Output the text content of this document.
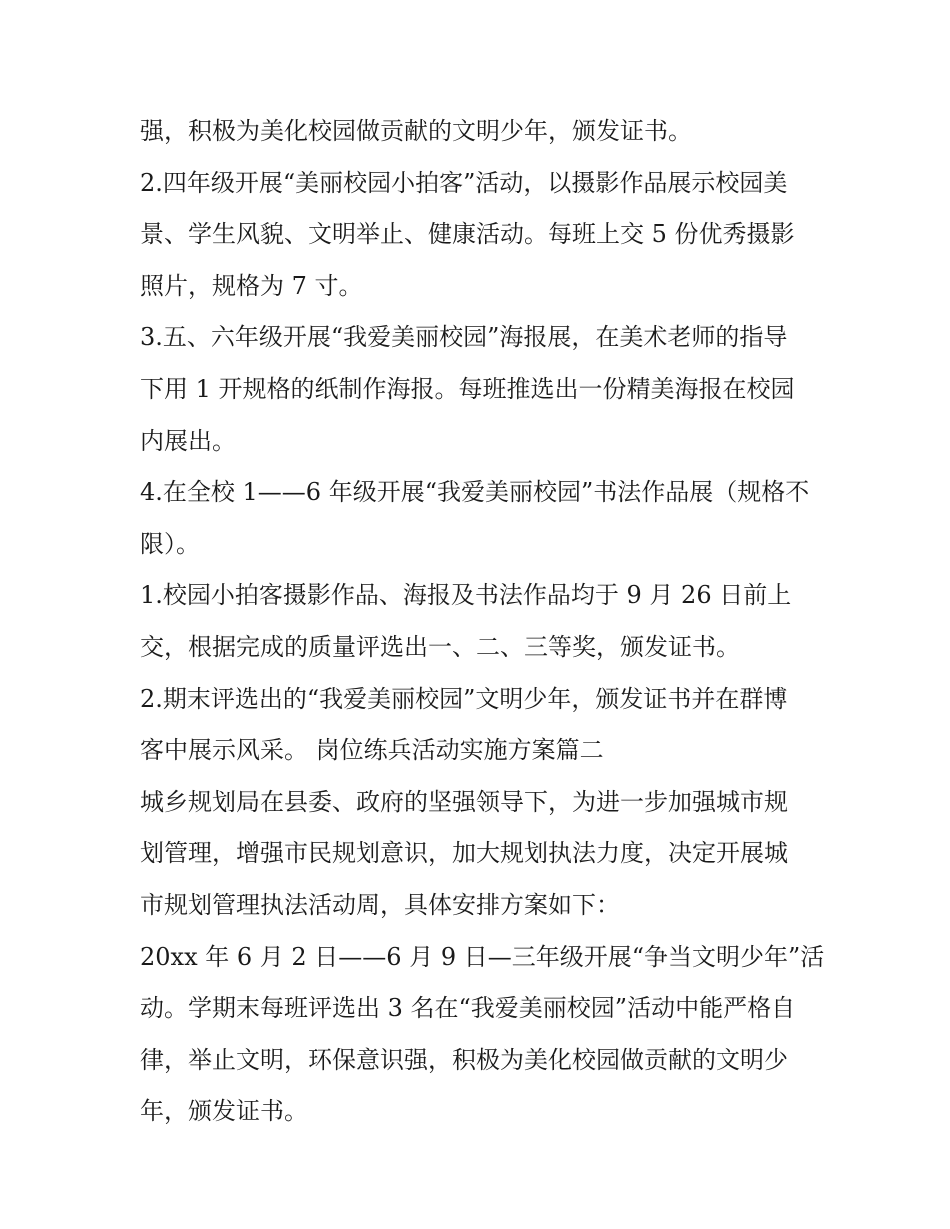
强，积极为美化校园做贡献的文明少年，颁发证书。
2.四年级开展“美丽校园小拍客”活动，以摄影作品展示校园美
景、学生风貌、文明举止、健康活动。每班上交 5 份优秀摄影
照片，规格为 7 寸。
3.五、六年级开展“我爱美丽校园”海报展，在美术老师的指导
下用 1 开规格的纸制作海报。每班推选出一份精美海报在校园
内展出。
4.在全校 1——6 年级开展“我爱美丽校园”书法作品展（规格不
限）。
1.校园小拍客摄影作品、海报及书法作品均于 9 月 26 日前上
交，根据完成的质量评选出一、二、三等奖，颁发证书。
2.期末评选出的“我爱美丽校园”文明少年，颁发证书并在群博
客中展示风采。 岗位练兵活动实施方案篇二
城乡规划局在县委、政府的坚强领导下，为进一步加强城市规
划管理，增强市民规划意识，加大规划执法力度，决定开展城
市规划管理执法活动周，具体安排方案如下：
20xx 年 6 月 2 日——6 月 9 日—三年级开展“争当文明少年”活
动。学期末每班评选出 3 名在“我爱美丽校园”活动中能严格自
律，举止文明，环保意识强，积极为美化校园做贡献的文明少
年，颁发证书。
